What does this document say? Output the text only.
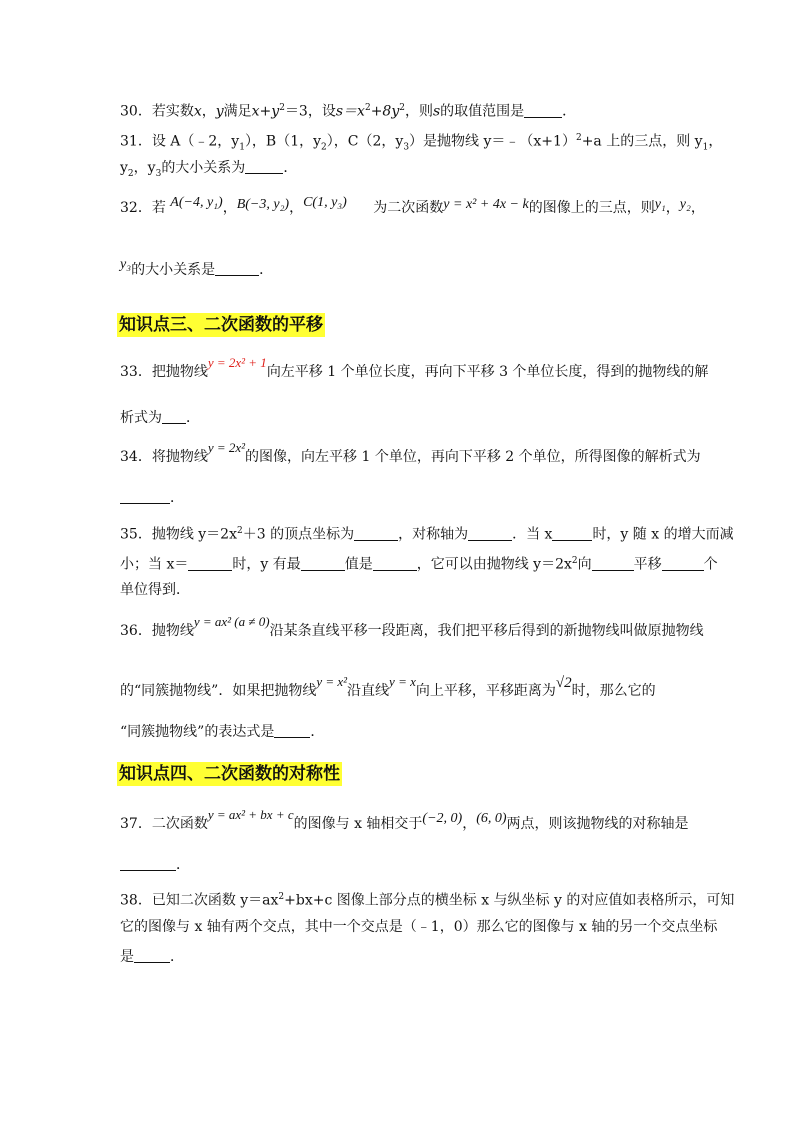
30．若实数x，y满足$x+y^2=3$，设$s=x^2+8y^2$，则s的取值范围是	．
31．设 A（﹣2，$y_1$），B（1，$y_2$），C（2，$y_3$）是抛物线 $y=﹣(x+1)^2+a$ 上的三点，则 $y_1$，
$y_2$，$y_3$的大小关系为	．
32．若 A(−4, y₁)，B(−3, y₂)，C(1, y₃) 为二次函数y = x² + 4x − k的图像上的三点，则y₁，y₂，
y₃的大小关系是	．
知识点三、二次函数的平移
33．把抛物线y = 2x² + 1向左平移 1 个单位长度，再向下平移 3 个单位长度，得到的抛物线的解
析式为 ．
34．将抛物线y = 2x²的图像，向左平移 1 个单位，再向下平移 2 个单位，所得图像的解析式为
．
35．抛物线 $y=2x^2+3$ 的顶点坐标为	，对称轴为	．当 x	时，y 随 x 的增大而减
小；当 x＝	时，y 有最	值是	，它可以由抛物线 $y=2x^2$向	平移	个
单位得到．
36．抛物线y = ax² (a ≠ 0)沿某条直线平移一段距离，我们把平移后得到的新抛物线叫做原抛物线
的“同簇抛物线”．如果把抛物线y = x²沿直线y = x向上平移，平移距离为√2时，那么它的
“同簇抛物线”的表达式是	．
知识点四、二次函数的对称性
37．二次函数y = ax² + bx + c的图像与 x 轴相交于(−2, 0)，(6, 0)两点，则该抛物线的对称轴是
．
38．已知二次函数 $y=ax^2+bx+c$ 图像上部分点的横坐标 x 与纵坐标 y 的对应值如表格所示，可知
它的图像与 x 轴有两个交点，其中一个交点是（﹣1，0）那么它的图像与 x 轴的另一个交点坐标
是	．
